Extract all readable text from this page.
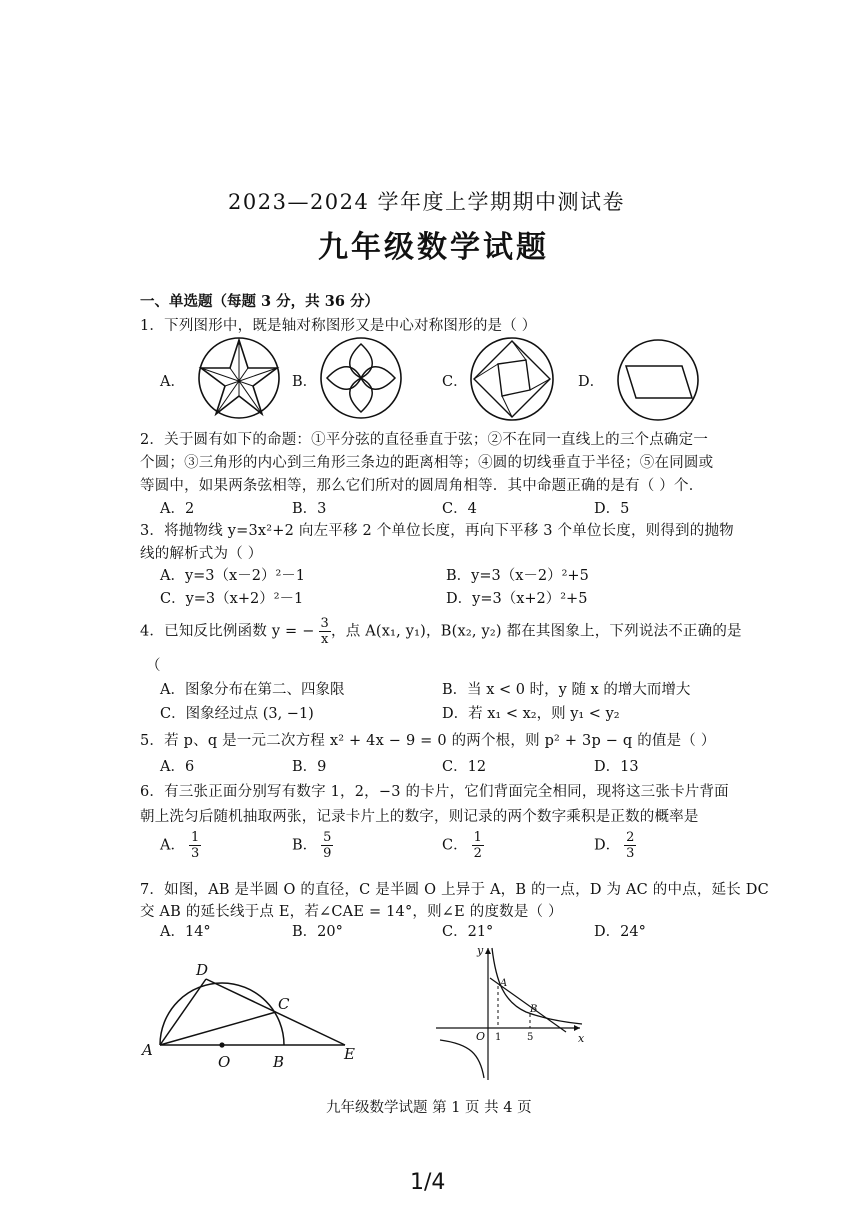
2023—2024 学年度上学期期中测试卷
九年级数学试题
一、单选题（每题 3 分，共 36 分）
1．下列图形中，既是轴对称图形又是中心对称图形的是（ ）
A．	B．	C．	D．
2．关于圆有如下的命题：①平分弦的直径垂直于弦；②不在同一直线上的三个点确定一
个圆；③三角形的内心到三角形三条边的距离相等；④圆的切线垂直于半径；⑤在同圆或
等圆中，如果两条弦相等，那么它们所对的圆周角相等．其中命题正确的是有（ ）个．
A．2	B．3	C．4	D．5
3．将抛物线 y=3x²+2 向左平移 2 个单位长度，再向下平移 3 个单位长度，则得到的抛物
线的解析式为（ ）
A．y=3（x－2）²－1	B．y=3（x－2）²+5
C．y=3（x+2）²－1	D．y=3（x+2）²+5
4．已知反比例函数 y = − $\frac{3}{x}$ ，点 A(x₁, y₁)，B(x₂, y₂) 都在其图象上，下列说法不正确的是
（
A．图象分布在第二、四象限	B．当 x < 0 时，y 随 x 的增大而增大
C．图象经过点 (3, −1)	D．若 x₁ < x₂，则 y₁ < y₂
5．若 p、q 是一元二次方程 x² + 4x − 9 = 0 的两个根，则 p² + 3p − q 的值是（ ）
A．6	B．9	C．12	D．13
6．有三张正面分别写有数字 1，2，−3 的卡片，它们背面完全相同，现将这三张卡片背面
朝上洗匀后随机抽取两张，记录卡片上的数字，则记录的两个数字乘积是正数的概率是
A． $\frac{1}{3}$	B． $\frac{5}{9}$	C． $\frac{1}{2}$	D． $\frac{2}{3}$
7．如图，AB 是半圆 O 的直径，C 是半圆 O 上异于 A，B 的一点，D 为 AC 的中点，延长 DC
交 AB 的延长线于点 E，若∠CAE = 14°，则∠E 的度数是（ ）
A．14°	B．20°	C．21°	D．24°
A
D
C
O	B	E
y
x
O 1	5
A
B
九年级数学试题 第 1 页 共 4 页
1/4
